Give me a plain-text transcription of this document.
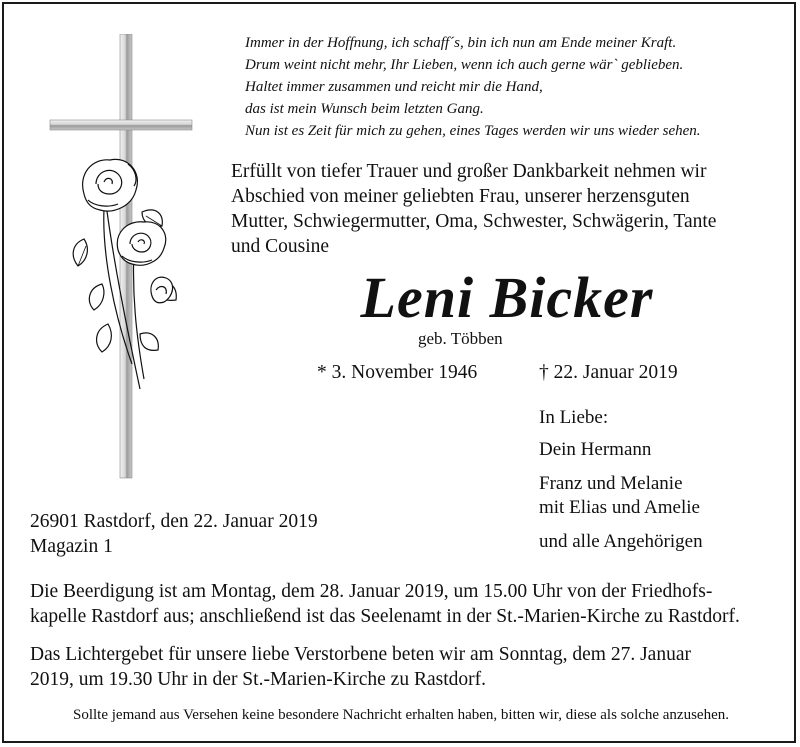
Immer in der Hoffnung, ich schaff´s, bin ich nun am Ende meiner Kraft.
Drum weint nicht mehr, Ihr Lieben, wenn ich auch gerne wär` geblieben.
Haltet immer zusammen und reicht mir die Hand,
das ist mein Wunsch beim letzten Gang.
Nun ist es Zeit für mich zu gehen, eines Tages werden wir uns wieder sehen.
Erfüllt von tiefer Trauer und großer Dankbarkeit nehmen wir
Abschied von meiner geliebten Frau, unserer herzensguten
Mutter, Schwiegermutter, Oma, Schwester, Schwägerin, Tante
und Cousine
Leni Bicker
geb. Többen
* 3. November 1946	† 22. Januar 2019
In Liebe:
Dein Hermann
Franz und Melanie
mit Elias und Amelie
und alle Angehörigen
26901 Rastdorf, den 22. Januar 2019
Magazin 1

Die Beerdigung ist am Montag, dem 28. Januar 2019, um 15.00 Uhr von der Friedhofs-
kapelle Rastdorf aus; anschließend ist das Seelenamt in der St.-Marien-Kirche zu Rastdorf.

Das Lichtergebet für unsere liebe Verstorbene beten wir am Sonntag, dem 27. Januar
2019, um 19.30 Uhr in der St.-Marien-Kirche zu Rastdorf.

Sollte jemand aus Versehen keine besondere Nachricht erhalten haben, bitten wir, diese als solche anzusehen.
